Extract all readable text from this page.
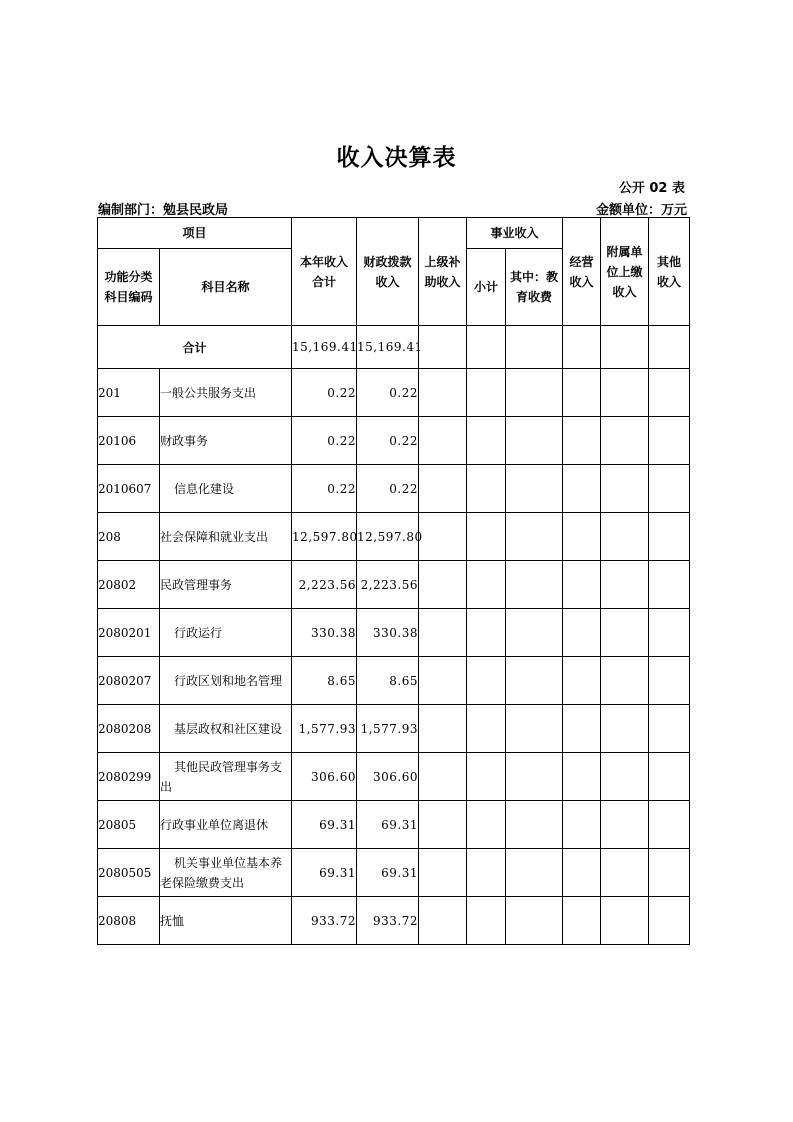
收入决算表
公开 02 表
编制部门：勉县民政局	金额单位：万元
项目		本年收入合计	财政拨款收入	上级补助收入	事业收入		经营收入	附属单位上缴收入	其他收入
功能分类科目编码	科目名称				小计	其中：教育收费			
合计		15,169.41	15,169.41						
201	一般公共服务支出	0.22	0.22						
20106	财政事务	0.22	0.22						
2010607	信息化建设	0.22	0.22						
208	社会保障和就业支出	12,597.80	12,597.80						
20802	民政管理事务	2,223.56	2,223.56						
2080201	行政运行	330.38	330.38						
2080207	行政区划和地名管理	8.65	8.65						
2080208	基层政权和社区建设	1,577.93	1,577.93						
2080299	其他民政管理事务支出	306.60	306.60						
20805	行政事业单位离退休	69.31	69.31						
2080505	机关事业单位基本养老保险缴费支出	69.31	69.31						
20808	抚恤	933.72	933.72						
